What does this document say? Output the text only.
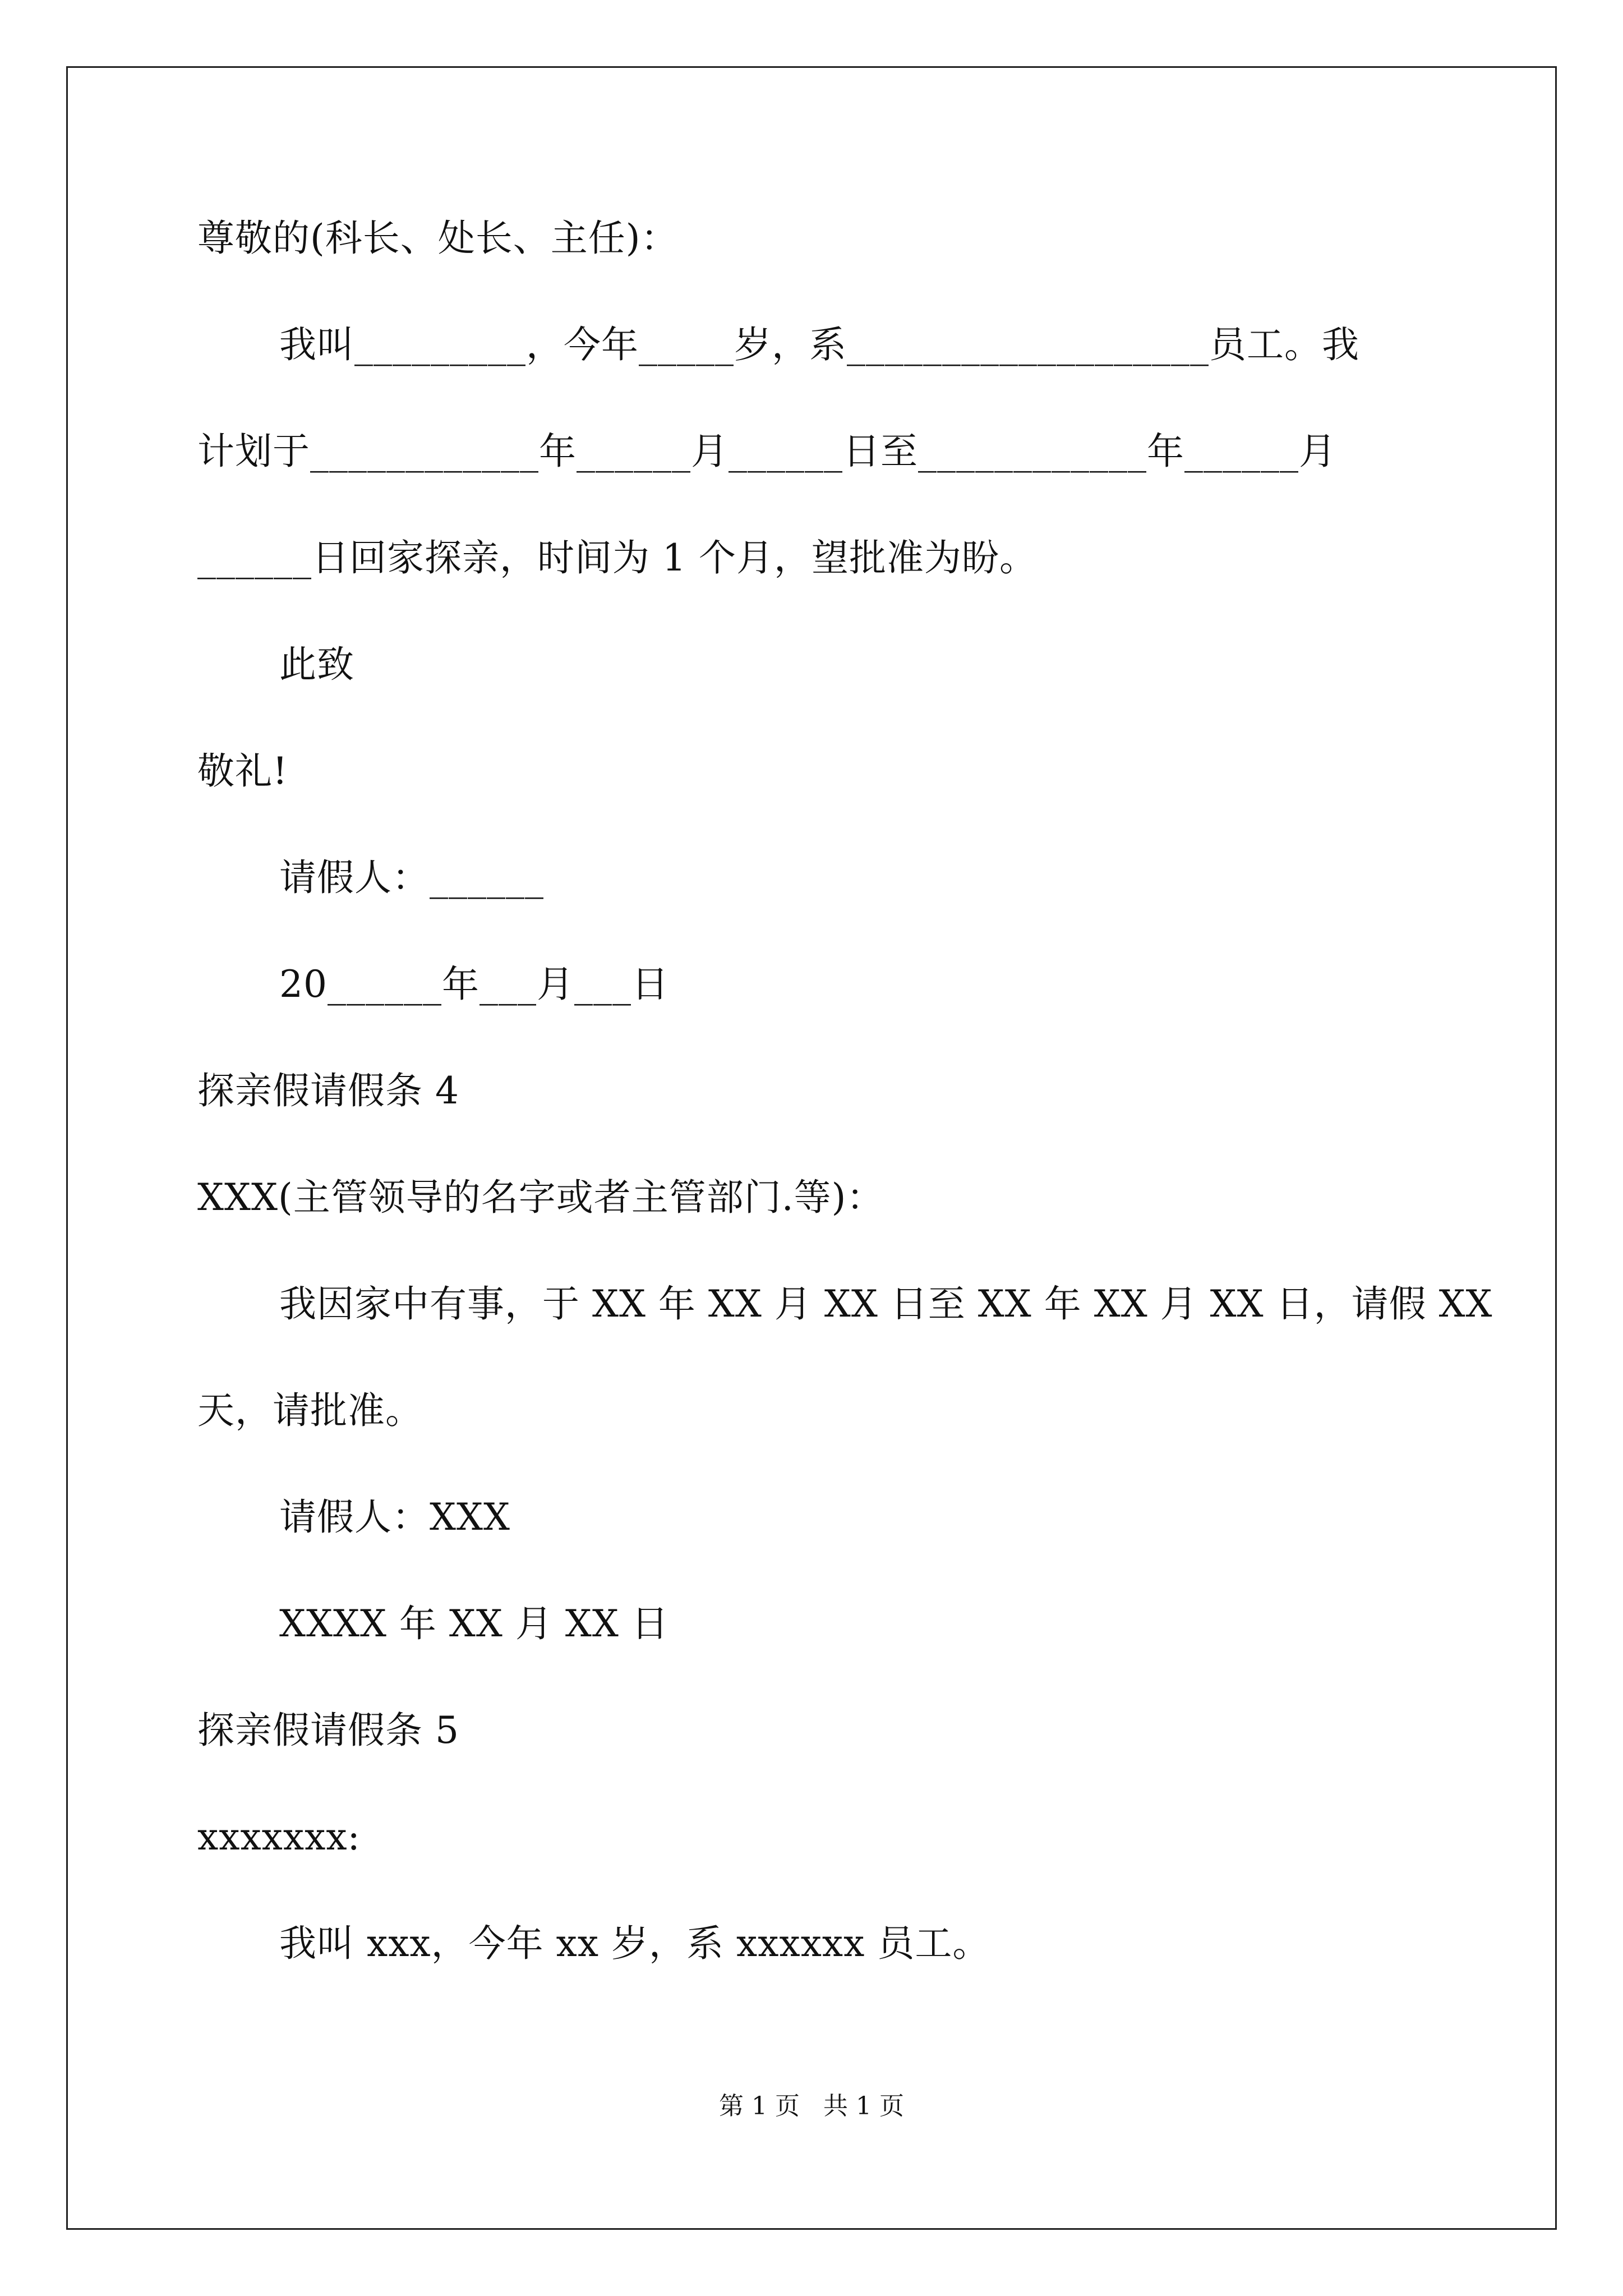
尊敬的(科长、处长、主任)：
我叫_________，今年_____岁，系___________________员工。我
计划于____________年______月______日至____________年______月
______日回家探亲，时间为 1 个月，望批准为盼。
此致
敬礼!
请假人：______
20______年___月___日
探亲假请假条 4
XXX(主管领导的名字或者主管部门.等)：
我因家中有事，于 XX 年 XX 月 XX 日至 XX 年 XX 月 XX 日，请假 XX
天，请批准。
请假人：XXX
XXXX 年 XX 月 XX 日
探亲假请假条 5
xxxxxxx:
我叫 xxx，今年 xx 岁，系 xxxxxx 员工。
第 1 页   共 1 页
